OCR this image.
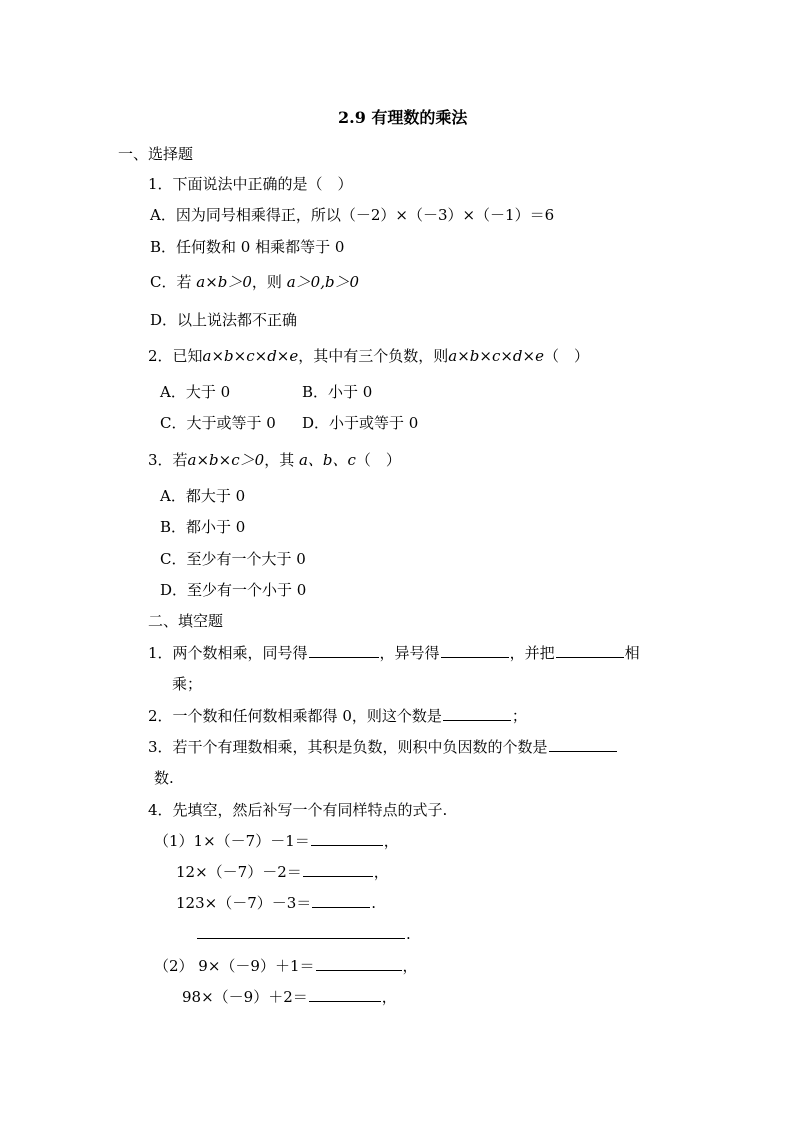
2.9 有理数的乘法
一、选择题
1．下面说法中正确的是（　）
A．因为同号相乘得正，所以（－2）×（－3）×（－1）＝6
B．任何数和 0 相乘都等于 0
C．若 a×b＞0，则 a＞0,b＞0
D．以上说法都不正确
2．已知a×b×c×d×e，其中有三个负数，则a×b×c×d×e（　）
A．大于 0	B．小于 0
C．大于或等于 0 D．小于或等于 0
3．若a×b×c＞0，其 a、b、c（　）
A．都大于 0
B．都小于 0
C．至少有一个大于 0
D．至少有一个小于 0
二、填空题
1．两个数相乘，同号得	，异号得	，并把	相
乘；
2．一个数和任何数相乘都得 0，则这个数是	；
3．若干个有理数相乘，其积是负数，则积中负因数的个数是
数.
4．先填空，然后补写一个有同样特点的式子.
（1）1×（－7）－1＝	，
12×（－7）－2＝	，
123×（－7）－3＝	.
.
（2） 9×（－9）＋1＝	，
98×（－9）＋2＝	，
